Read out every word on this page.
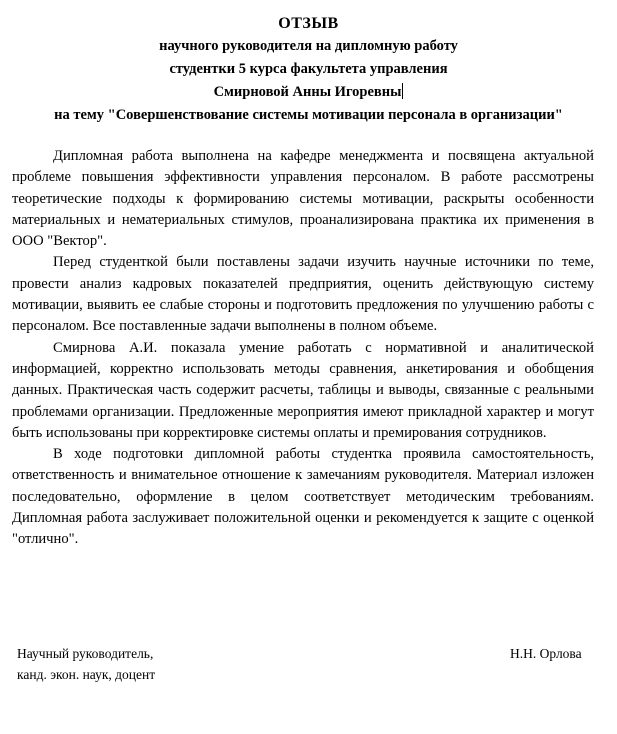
ОТЗЫВ
научного руководителя на дипломную работу
студентки 5 курса факультета управления
Смирновой Анны Игоревны
на тему "Совершенствование системы мотивации персонала в организации"

Дипломная работа выполнена на кафедре менеджмента и посвящена актуальной проблеме повышения эффективности управления персоналом. В работе рассмотрены теоретические подходы к формированию системы мотивации, раскрыты особенности материальных и нематериальных стимулов, проанализирована практика их применения в ООО "Вектор".

Перед студенткой были поставлены задачи изучить научные источники по теме, провести анализ кадровых показателей предприятия, оценить действующую систему мотивации, выявить ее слабые стороны и подготовить предложения по улучшению работы с персоналом. Все поставленные задачи выполнены в полном объеме.

Смирнова А.И. показала умение работать с нормативной и аналитической информацией, корректно использовать методы сравнения, анкетирования и обобщения данных. Практическая часть содержит расчеты, таблицы и выводы, связанные с реальными проблемами организации. Предложенные мероприятия имеют прикладной характер и могут быть использованы при корректировке системы оплаты и премирования сотрудников.

В ходе подготовки дипломной работы студентка проявила самостоятельность, ответственность и внимательное отношение к замечаниям руководителя. Материал изложен последовательно, оформление в целом соответствует методическим требованиям. Дипломная работа заслуживает положительной оценки и рекомендуется к защите с оценкой "отлично".

Научный руководитель,
канд. экон. наук, доцент
Н.Н. Орлова
